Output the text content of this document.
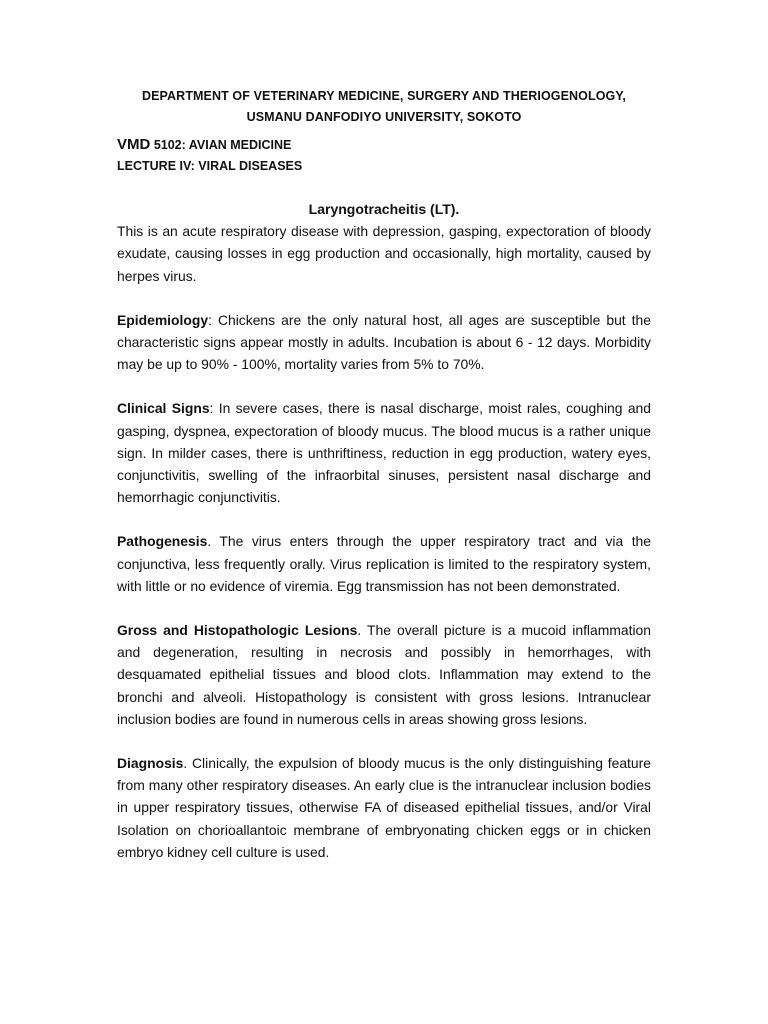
DEPARTMENT OF VETERINARY MEDICINE, SURGERY AND THERIOGENOLOGY,
USMANU DANFODIYO UNIVERSITY, SOKOTO
VMD 5102: AVIAN MEDICINE
LECTURE IV: VIRAL DISEASES
Laryngotracheitis (LT).

This is an acute respiratory disease with depression, gasping, expectoration of bloody exudate, causing losses in egg production and occasionally, high mortality, caused by herpes virus.

Epidemiology: Chickens are the only natural host, all ages are susceptible but the characteristic signs appear mostly in adults. Incubation is about 6 - 12 days. Morbidity may be up to 90% - 100%, mortality varies from 5% to 70%.

Clinical Signs: In severe cases, there is nasal discharge, moist rales, coughing and gasping, dyspnea, expectoration of bloody mucus. The blood mucus is a rather unique sign. In milder cases, there is unthriftiness, reduction in egg production, watery eyes, conjunctivitis, swelling of the infraorbital sinuses, persistent nasal discharge and hemorrhagic conjunctivitis.

Pathogenesis. The virus enters through the upper respiratory tract and via the conjunctiva, less frequently orally. Virus replication is limited to the respiratory system, with little or no evidence of viremia. Egg transmission has not been demonstrated.

Gross and Histopathologic Lesions. The overall picture is a mucoid inflammation and degeneration, resulting in necrosis and possibly in hemorrhages, with desquamated epithelial tissues and blood clots. Inflammation may extend to the bronchi and alveoli. Histopathology is consistent with gross lesions. Intranuclear inclusion bodies are found in numerous cells in areas showing gross lesions.

Diagnosis. Clinically, the expulsion of bloody mucus is the only distinguishing feature from many other respiratory diseases. An early clue is the intranuclear inclusion bodies in upper respiratory tissues, otherwise FA of diseased epithelial tissues, and/or Viral Isolation on chorioallantoic membrane of embryonating chicken eggs or in chicken embryo kidney cell culture is used.
